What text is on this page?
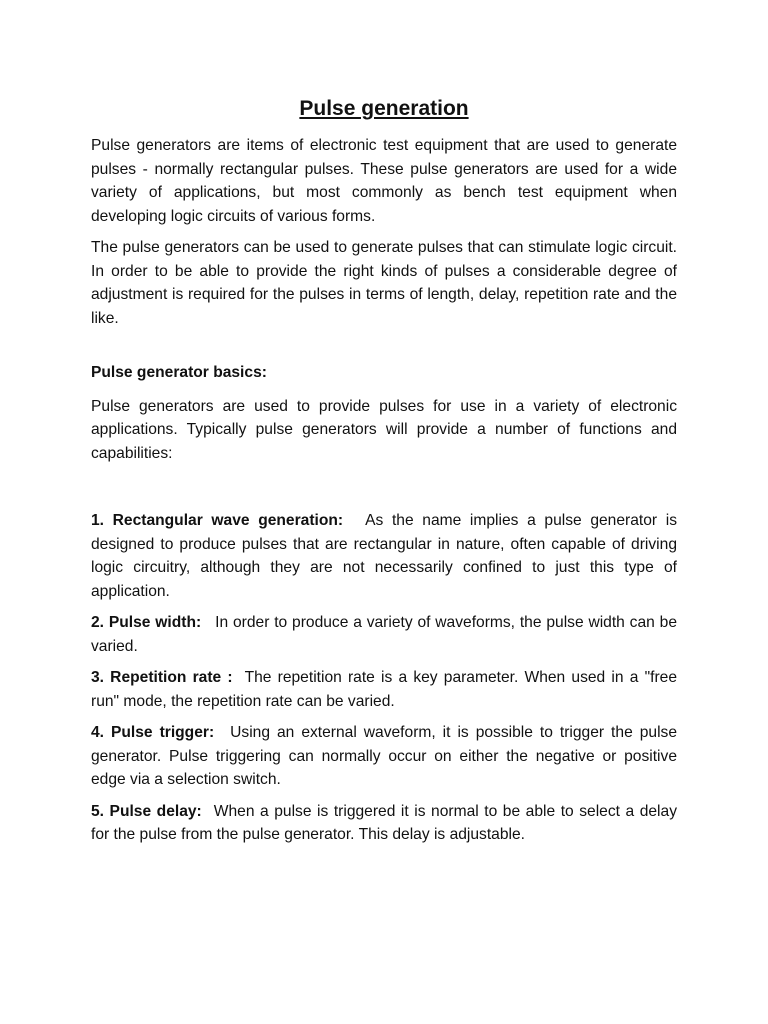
Pulse generation

Pulse generators are items of electronic test equipment that are used to generate pulses - normally rectangular pulses. These pulse generators are used for a wide variety of applications, but most commonly as bench test equipment when developing logic circuits of various forms.

The pulse generators can be used to generate pulses that can stimulate logic circuit. In order to be able to provide the right kinds of pulses a considerable degree of adjustment is required for the pulses in terms of length, delay, repetition rate and the like.

Pulse generator basics:

Pulse generators are used to provide pulses for use in a variety of electronic applications. Typically pulse generators will provide a number of functions and capabilities:

1. Rectangular wave generation: As the name implies a pulse generator is designed to produce pulses that are rectangular in nature, often capable of driving logic circuitry, although they are not necessarily confined to just this type of application.

2. Pulse width: In order to produce a variety of waveforms, the pulse width can be varied.

3. Repetition rate : The repetition rate is a key parameter. When used in a "free run" mode, the repetition rate can be varied.

4. Pulse trigger: Using an external waveform, it is possible to trigger the pulse generator. Pulse triggering can normally occur on either the negative or positive edge via a selection switch.

5. Pulse delay: When a pulse is triggered it is normal to be able to select a delay for the pulse from the pulse generator. This delay is adjustable.
